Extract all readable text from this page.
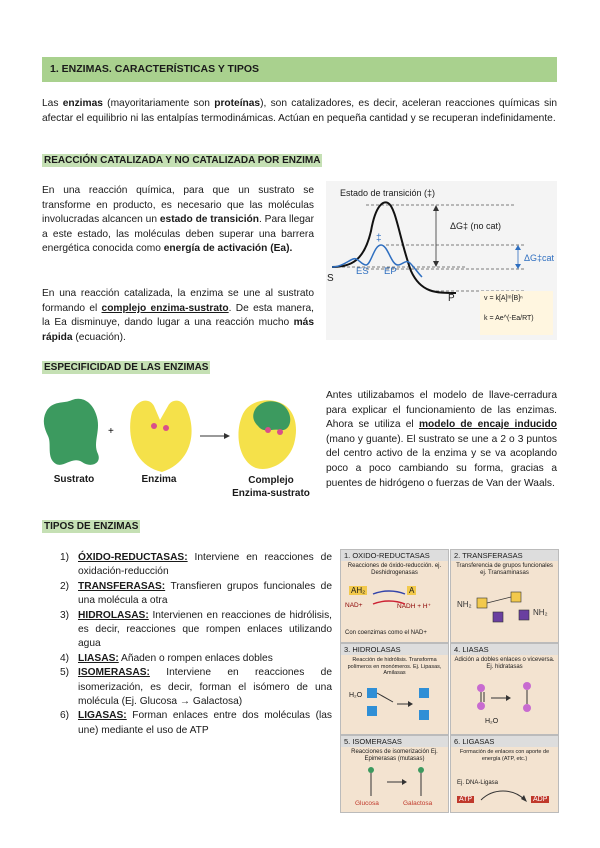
1. ENZIMAS. CARACTERÍSTICAS Y TIPOS
Las enzimas (mayoritariamente son proteínas), son catalizadores, es decir, aceleran reacciones químicas sin afectar el equilibrio ni las entalpías termodinámicas. Actúan en pequeña cantidad y se recuperan indefinidamente.
REACCIÓN CATALIZADA Y NO CATALIZADA POR ENZIMA
En una reacción química, para que un sustrato se transforme en producto, es necesario que las moléculas involucradas alcancen un estado de transición. Para llegar a este estado, las moléculas deben superar una barrera energética conocida como energía de activación (Ea).
En una reacción catalizada, la enzima se une al sustrato formando el complejo enzima-sustrato. De esta manera, la Ea disminuye, dando lugar a una reacción mucho más rápida (ecuación).
Estado de transición (‡)
ΔG‡ (no cat)
ΔG‡cat
S
P
ES EP
‡
v = k[A]ᵐ[B]ⁿ
k = Ae^(-Ea/RT)
ESPECIFICIDAD DE LAS ENZIMAS
+
Sustrato	Enzima	Complejo Enzima-sustrato
Antes utilizabamos el modelo de llave-cerradura para explicar el funcionamiento de las enzimas. Ahora se utiliza el modelo de encaje inducido (mano y guante). El sustrato se une a 2 o 3 puntos del centro activo de la enzima y se va acoplando poco a poco cambiando su forma, gracias a puentes de hidrógeno o fuerzas de Van der Waals.
TIPOS DE ENZIMAS
1) ÓXIDO-REDUCTASAS: Interviene en reacciones de oxidación-reducción
2) TRANSFERASAS: Transfieren grupos funcionales de una molécula a otra
3) HIDROLASAS: Intervienen en reacciones de hidrólisis, es decir, reacciones que rompen enlaces utilizando agua
4) LIASAS: Añaden o rompen enlaces dobles
5) ISOMERASAS: Interviene en reacciones de isomerización, es decir, forman el isómero de una molécula (Ej. Glucosa → Galactosa)
6) LIGASAS: Forman enlaces entre dos moléculas (las une) mediante el uso de ATP
1. OXIDO-REDUCTASAS
Reacciones de óxido-reducción. ej. Deshidrogenasas
AH₂	A
NAD+	NADH + H⁺
Con coenzimas como el NAD+
2. TRANSFERASAS
Transferencia de grupos funcionales ej. Transaminasas
NH₂
NH₂
3. HIDROLASAS
Reacción de hidrólisis. Transforma polímeros en monómeros. Ej. Lipasas, Amilasas
H₂O
4. LIASAS
Adición a dobles enlaces o viceversa. Ej. hidratasas
H₂O
5. ISOMERASAS
Reacciones de isomerización Ej. Epimerasas (mutasas)
Glucosa	Galactosa
6. LIGASAS
Formación de enlaces con aporte de energía (ATP, etc.)
Ej. DNA-Ligasa
ATP	ADP
